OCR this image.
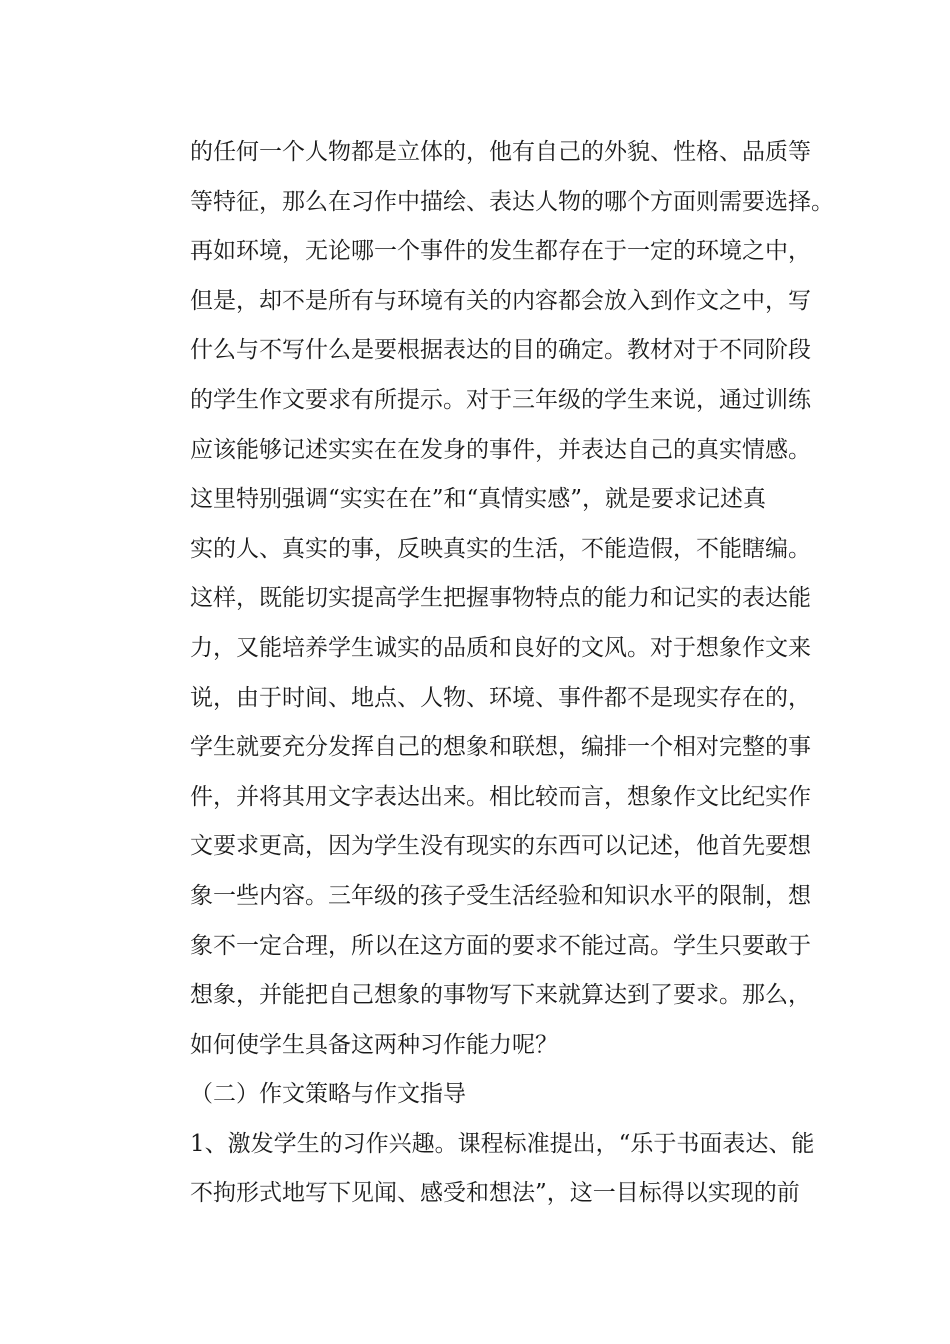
的任何一个人物都是立体的，他有自己的外貌、性格、品质等
等特征，那么在习作中描绘、表达人物的哪个方面则需要选择。
再如环境，无论哪一个事件的发生都存在于一定的环境之中，
但是，却不是所有与环境有关的内容都会放入到作文之中，写
什么与不写什么是要根据表达的目的确定。教材对于不同阶段
的学生作文要求有所提示。对于三年级的学生来说，通过训练
应该能够记述实实在在发身的事件，并表达自己的真实情感。
这里特别强调“实实在在”和“真情实感”，就是要求记述真
实的人、真实的事，反映真实的生活，不能造假，不能瞎编。
这样，既能切实提高学生把握事物特点的能力和记实的表达能
力，又能培养学生诚实的品质和良好的文风。对于想象作文来
说，由于时间、地点、人物、环境、事件都不是现实存在的，
学生就要充分发挥自己的想象和联想，编排一个相对完整的事
件，并将其用文字表达出来。相比较而言，想象作文比纪实作
文要求更高，因为学生没有现实的东西可以记述，他首先要想
象一些内容。三年级的孩子受生活经验和知识水平的限制，想
象不一定合理，所以在这方面的要求不能过高。学生只要敢于
想象，并能把自己想象的事物写下来就算达到了要求。那么，
如何使学生具备这两种习作能力呢？
（二）作文策略与作文指导
1、激发学生的习作兴趣。课程标准提出，“乐于书面表达、能
不拘形式地写下见闻、感受和想法”，这一目标得以实现的前
